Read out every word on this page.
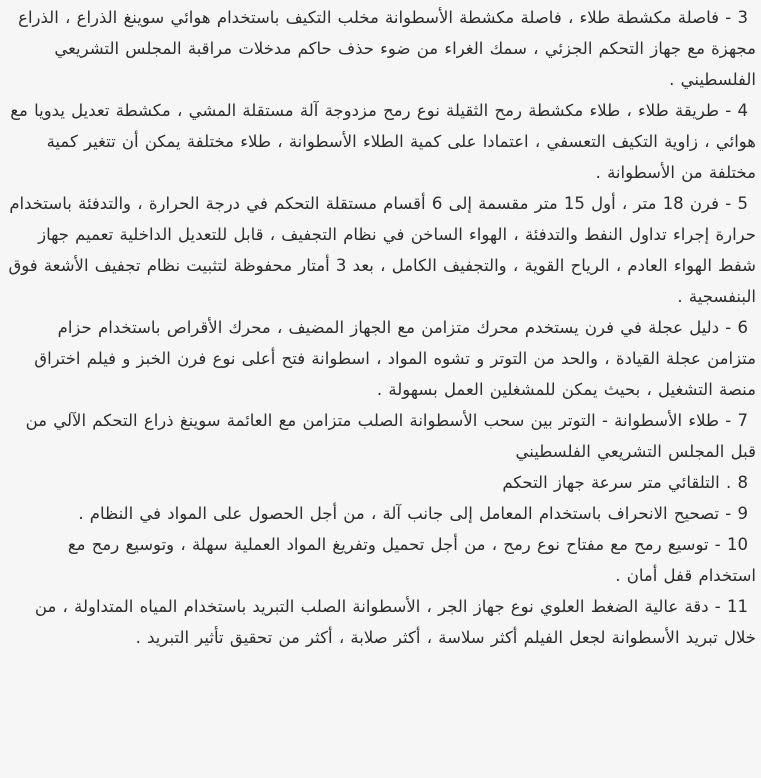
3 - فاصلة مكشطة طلاء ، فاصلة مكشطة الأسطوانة مخلب التكيف باستخدام هوائي سوينغ الذراع ، الذراع مجهزة مع جهاز التحكم الجزئي ، سمك الغراء من ضوء حذف حاكم مدخلات مراقبة المجلس التشريعي الفلسطيني .

4 - طريقة طلاء ، طلاء مكشطة رمح الثقيلة نوع رمح مزدوجة آلة مستقلة المشي ، مكشطة تعديل يدويا مع هوائي ، زاوية التكيف التعسفي ، اعتمادا على كمية الطلاء الأسطوانة ، طلاء مختلفة يمكن أن تتغير كمية مختلفة من الأسطوانة .

5 - فرن 18 متر ، أول 15 متر مقسمة إلى 6 أقسام مستقلة التحكم في درجة الحرارة ، والتدفئة باستخدام حرارة إجراء تداول النفط والتدفئة ، الهواء الساخن في نظام التجفيف ، قابل للتعديل الداخلية تعميم جهاز شفط الهواء العادم ، الرياح القوية ، والتجفيف الكامل ، بعد 3 أمتار محفوظة لتثبيت نظام تجفيف الأشعة فوق البنفسجية .

6 - دليل عجلة في فرن يستخدم محرك متزامن مع الجهاز المضيف ، محرك الأقراص باستخدام حزام متزامن عجلة القيادة ، والحد من التوتر و تشوه المواد ، اسطوانة فتح أعلى نوع فرن الخبز و فيلم اختراق منصة التشغيل ، بحيث يمكن للمشغلين العمل بسهولة .

7 - طلاء الأسطوانة - التوتر بين سحب الأسطوانة الصلب متزامن مع العائمة سوينغ ذراع التحكم الآلي من قبل المجلس التشريعي الفلسطيني

8 . التلقائي متر سرعة جهاز التحكم

9 - تصحيح الانحراف باستخدام المعامل إلى جانب آلة ، من أجل الحصول على المواد في النظام .

10 - توسيع رمح مع مفتاح نوع رمح ، من أجل تحميل وتفريغ المواد العملية سهلة ، وتوسيع رمح مع استخدام قفل أمان .

11 - دقة عالية الضغط العلوي نوع جهاز الجر ، الأسطوانة الصلب التبريد باستخدام المياه المتداولة ، من خلال تبريد الأسطوانة لجعل الفيلم أكثر سلاسة ، أكثر صلابة ، أكثر من تحقيق تأثير التبريد .
